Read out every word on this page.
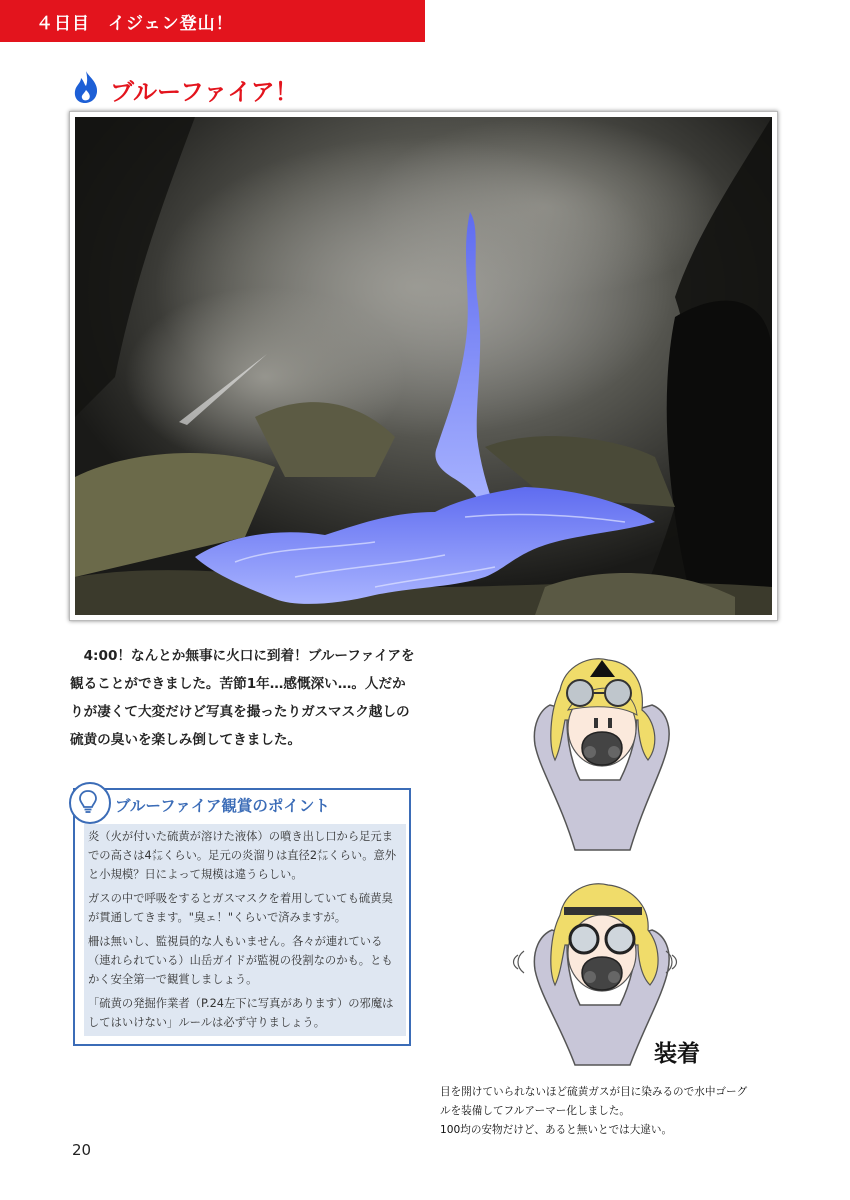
４日目　イジェン登山！
ブルーファイア！

4:00！なんとか無事に火口に到着！ブルーファイアを観ることができました。苦節1年…感慨深い…。人だかりが凄くて大変だけど写真を撮ったりガスマスク越しの硫黄の臭いを楽しみ倒してきました。

ブルーファイア観賞のポイント

炎（火が付いた硫黄が溶けた液体）の噴き出し口から足元までの高さは4㍍くらい。足元の炎溜りは直径2㍍くらい。意外と小規模？日によって規模は違うらしい。

ガスの中で呼吸をするとガスマスクを着用していても硫黄臭が貫通してきます。"臭ェ！"くらいで済みますが。

柵は無いし、監視員的な人もいません。各々が連れている（連れられている）山岳ガイドが監視の役割なのかも。ともかく安全第一で観賞しましょう。

「硫黄の発掘作業者（P.24左下に写真があります）の邪魔はしてはいけない」ルールは必ず守りましょう。

装着
目を開けていられないほど硫黄ガスが目に染みるので水中ゴーグ
ルを装備してフルアーマー化しました。
100均の安物だけど、あると無いとでは大違い。
20
